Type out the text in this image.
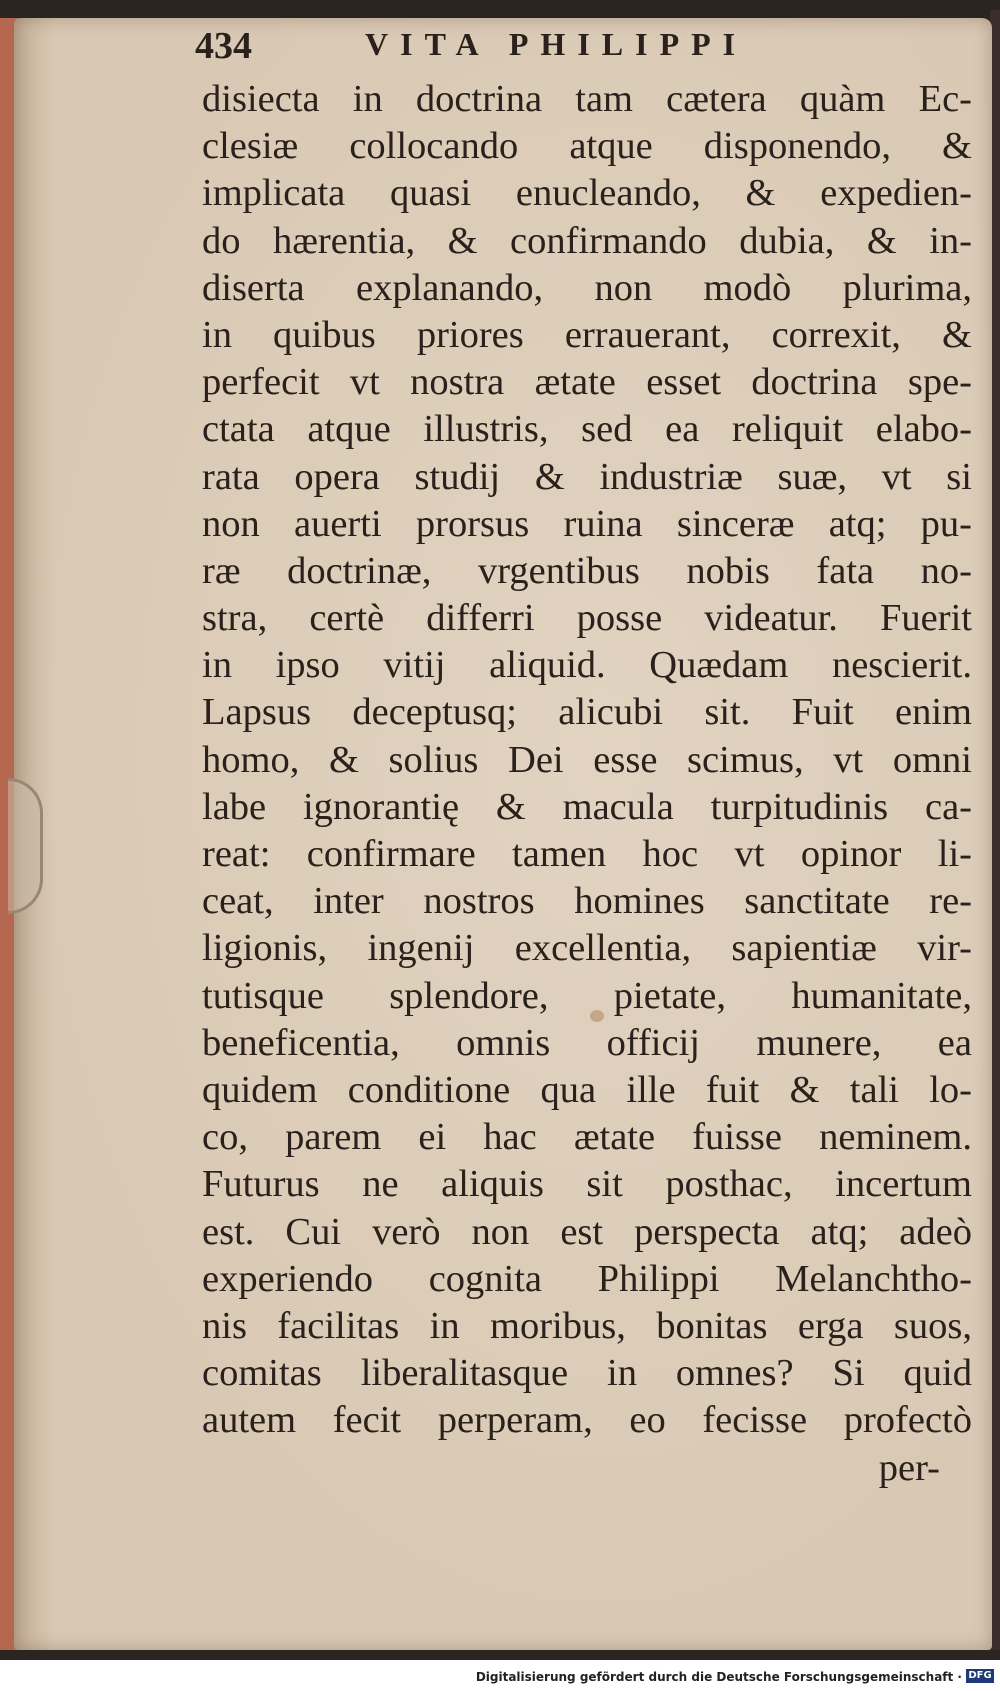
434	VITA PHILIPPI
disiecta in doctrina tam cætera quàm Ec-
clesiæ collocando atque disponendo, &
implicata quasi enucleando, & expedien-
do hærentia, & confirmando dubia, & in-
diserta explanando, non modò plurima,
in quibus priores errauerant, correxit, &
perfecit vt nostra ætate esset doctrina spe-
ctata atque illustris, sed ea reliquit elabo-
rata opera studij & industriæ suæ, vt si
non auerti prorsus ruina sinceræ atq; pu-
ræ doctrinæ, vrgentibus nobis fata no-
stra, certè differri posse videatur. Fuerit
in ipso vitij aliquid. Quædam nescierit.
Lapsus deceptusq; alicubi sit. Fuit enim
homo, & solius Dei esse scimus, vt omni
labe ignorantię & macula turpitudinis ca-
reat: confirmare tamen hoc vt opinor li-
ceat, inter nostros homines sanctitate re-
ligionis, ingenij excellentia, sapientiæ vir-
tutisque splendore, pietate, humanitate,
beneficentia, omnis officij munere, ea
quidem conditione qua ille fuit & tali lo-
co, parem ei hac ætate fuisse neminem.
Futurus ne aliquis sit posthac, incertum
est. Cui verò non est perspecta atq; adeò
experiendo cognita Philippi Melanchtho-
nis facilitas in moribus, bonitas erga suos,
comitas liberalitasque in omnes? Si quid
autem fecit perperam, eo fecisse profectò
per-
Digitalisierung gefördert durch die Deutsche Forschungsgemeinschaft · DFG
